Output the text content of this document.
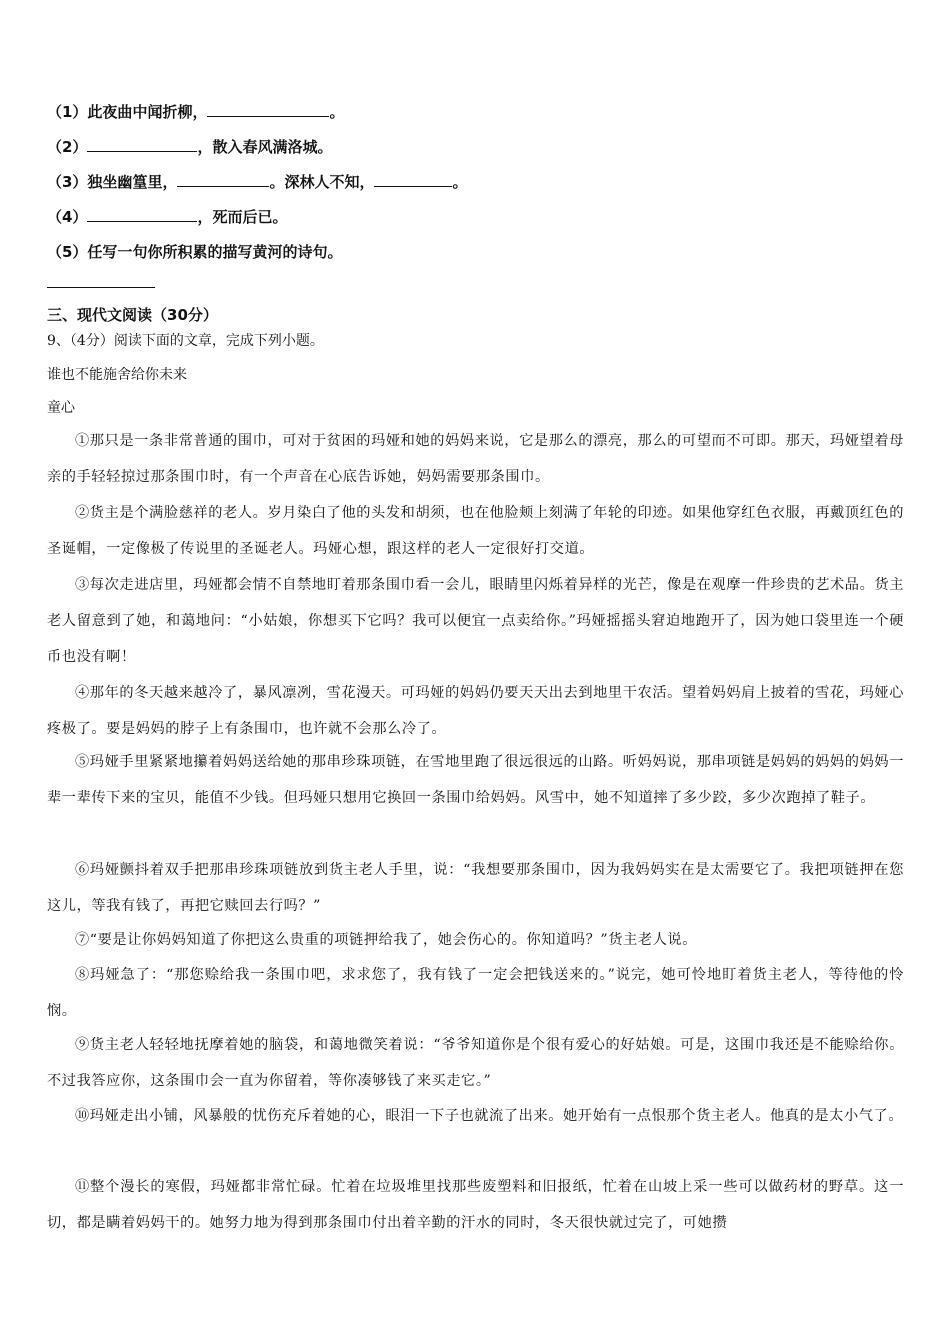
（1）此夜曲中闻折柳，	。
（2）	，散入春风满洛城。
（3）独坐幽篁里，	。深林人不知，	。
（4）	，死而后已。
（5）任写一句你所积累的描写黄河的诗句。
三、现代文阅读（30分）
9、（4分）阅读下面的文章，完成下列小题。
谁也不能施舍给你未来
童心

①那只是一条非常普通的围巾，可对于贫困的玛娅和她的妈妈来说，它是那么的漂亮，那么的可望而不可即。那天，玛娅望着母亲的手轻轻掠过那条围巾时，有一个声音在心底告诉她，妈妈需要那条围巾。

②货主是个满脸慈祥的老人。岁月染白了他的头发和胡须，也在他脸颊上刻满了年轮的印迹。如果他穿红色衣服，再戴顶红色的圣诞帽，一定像极了传说里的圣诞老人。玛娅心想，跟这样的老人一定很好打交道。

③每次走进店里，玛娅都会情不自禁地盯着那条围巾看一会儿，眼睛里闪烁着异样的光芒，像是在观摩一件珍贵的艺术品。货主老人留意到了她，和蔼地问：“小姑娘，你想买下它吗？我可以便宜一点卖给你。”玛娅摇摇头窘迫地跑开了，因为她口袋里连一个硬币也没有啊！

④那年的冬天越来越冷了，暴风凛冽，雪花漫天。可玛娅的妈妈仍要天天出去到地里干农活。望着妈妈肩上披着的雪花，玛娅心疼极了。要是妈妈的脖子上有条围巾，也许就不会那么冷了。

⑤玛娅手里紧紧地攥着妈妈送给她的那串珍珠项链，在雪地里跑了很远很远的山路。听妈妈说，那串项链是妈妈的妈妈的妈妈一辈一辈传下来的宝贝，能值不少钱。但玛娅只想用它换回一条围巾给妈妈。风雪中，她不知道摔了多少跤，多少次跑掉了鞋子。

⑥玛娅颤抖着双手把那串珍珠项链放到货主老人手里，说：“我想要那条围巾，因为我妈妈实在是太需要它了。我把项链押在您这儿，等我有钱了，再把它赎回去行吗？”

⑦“要是让你妈妈知道了你把这么贵重的项链押给我了，她会伤心的。你知道吗？”货主老人说。

⑧玛娅急了：“那您赊给我一条围巾吧，求求您了，我有钱了一定会把钱送来的。”说完，她可怜地盯着货主老人，等待他的怜悯。

⑨货主老人轻轻地抚摩着她的脑袋，和蔼地微笑着说：“爷爷知道你是个很有爱心的好姑娘。可是，这围巾我还是不能赊给你。不过我答应你，这条围巾会一直为你留着，等你凑够钱了来买走它。”

⑩玛娅走出小铺，风暴般的忧伤充斥着她的心，眼泪一下子也就流了出来。她开始有一点恨那个货主老人。他真的是太小气了。

⑪整个漫长的寒假，玛娅都非常忙碌。忙着在垃圾堆里找那些废塑料和旧报纸，忙着在山坡上采一些可以做药材的野草。这一切，都是瞒着妈妈干的。她努力地为得到那条围巾付出着辛勤的汗水的同时，冬天很快就过完了，可她攒
